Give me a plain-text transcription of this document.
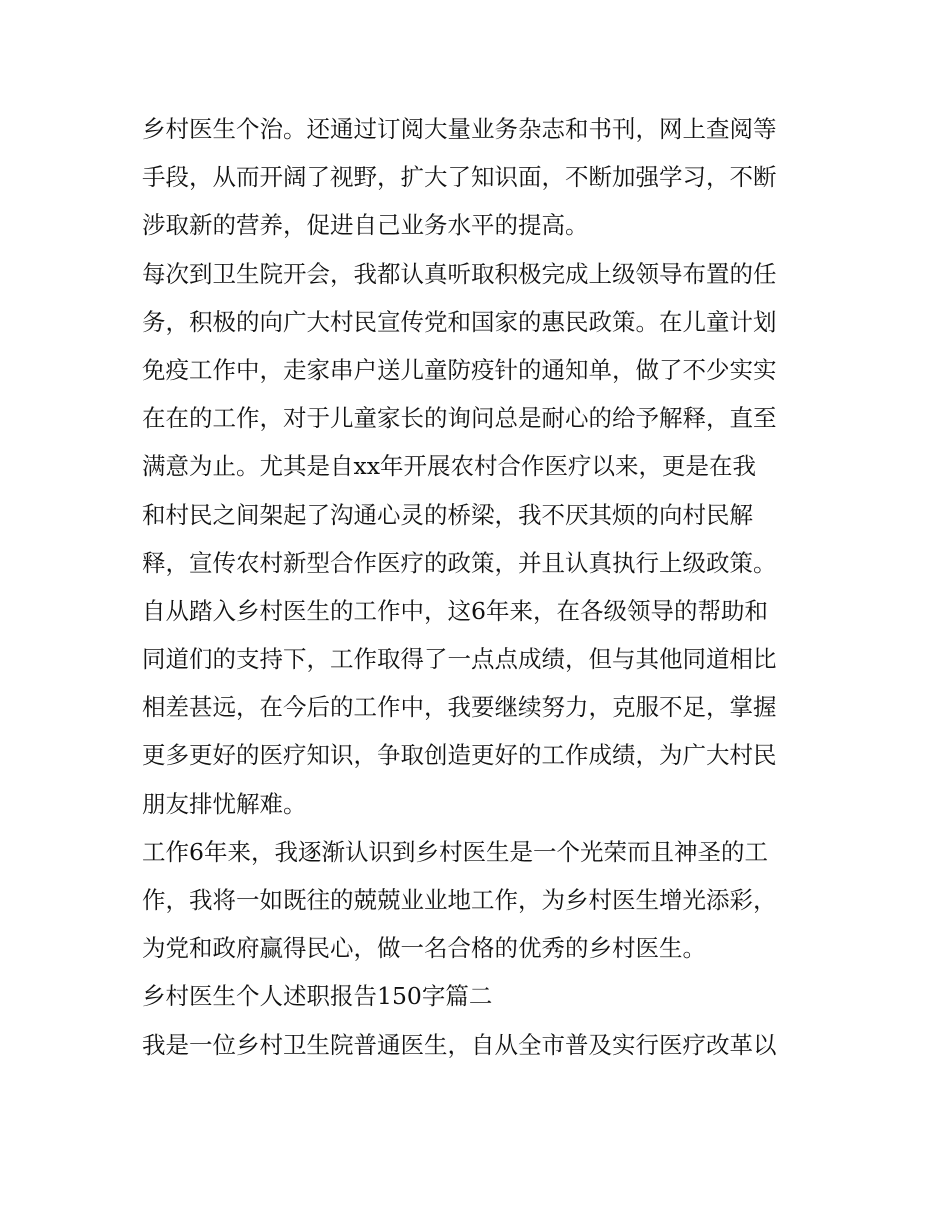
乡村医生个治。还通过订阅大量业务杂志和书刊，网上查阅等
手段，从而开阔了视野，扩大了知识面，不断加强学习，不断
涉取新的营养，促进自己业务水平的提高。
每次到卫生院开会，我都认真听取积极完成上级领导布置的任
务，积极的向广大村民宣传党和国家的惠民政策。在儿童计划
免疫工作中，走家串户送儿童防疫针的通知单，做了不少实实
在在的工作，对于儿童家长的询问总是耐心的给予解释，直至
满意为止。尤其是自xx年开展农村合作医疗以来，更是在我
和村民之间架起了沟通心灵的桥梁，我不厌其烦的向村民解
释，宣传农村新型合作医疗的政策，并且认真执行上级政策。
自从踏入乡村医生的工作中，这6年来，在各级领导的帮助和
同道们的支持下，工作取得了一点点成绩，但与其他同道相比
相差甚远，在今后的工作中，我要继续努力，克服不足，掌握
更多更好的医疗知识，争取创造更好的工作成绩，为广大村民
朋友排忧解难。
工作6年来，我逐渐认识到乡村医生是一个光荣而且神圣的工
作，我将一如既往的兢兢业业地工作，为乡村医生增光添彩，
为党和政府赢得民心，做一名合格的优秀的乡村医生。
乡村医生个人述职报告150字篇二
我是一位乡村卫生院普通医生，自从全市普及实行医疗改革以
